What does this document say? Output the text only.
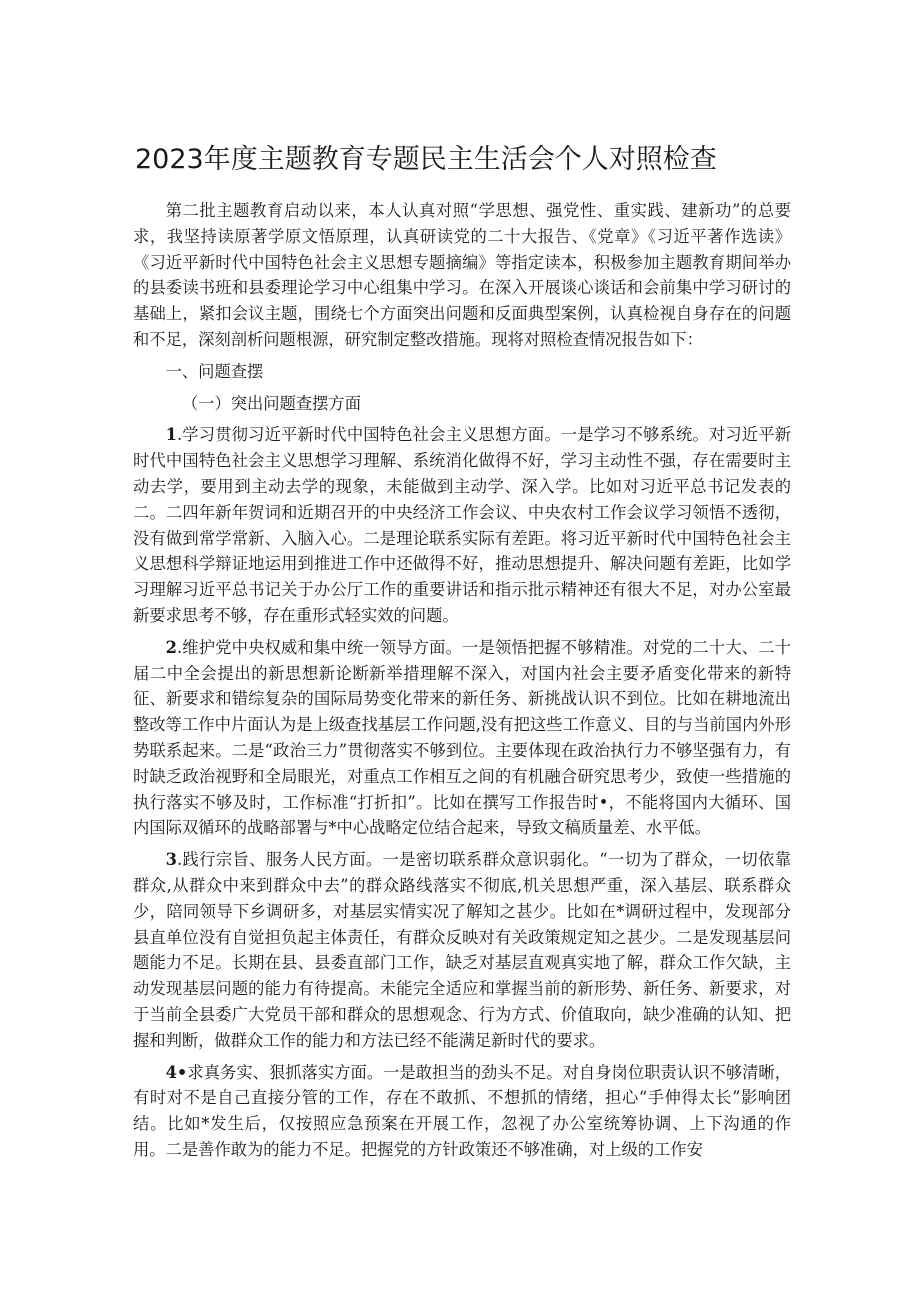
2023年度主题教育专题民主生活会个人对照检查

第二批主题教育启动以来，本人认真对照“学思想、强党性、重实践、建新功”的总要求，我坚持读原著学原文悟原理，认真研读党的二十大报告、《党章》《习近平著作选读》《习近平新时代中国特色社会主义思想专题摘编》等指定读本，积极参加主题教育期间举办的县委读书班和县委理论学习中心组集中学习。在深入开展谈心谈话和会前集中学习研讨的基础上，紧扣会议主题，围绕七个方面突出问题和反面典型案例，认真检视自身存在的问题和不足，深刻剖析问题根源，研究制定整改措施。现将对照检查情况报告如下：

一、问题查摆

（一）突出问题查摆方面

1.学习贯彻习近平新时代中国特色社会主义思想方面。一是学习不够系统。对习近平新时代中国特色社会主义思想学习理解、系统消化做得不好，学习主动性不强，存在需要时主动去学，要用到主动去学的现象，未能做到主动学、深入学。比如对习近平总书记发表的二。二四年新年贺词和近期召开的中央经济工作会议、中央农村工作会议学习领悟不透彻，没有做到常学常新、入脑入心。二是理论联系实际有差距。将习近平新时代中国特色社会主义思想科学辩证地运用到推进工作中还做得不好，推动思想提升、解决问题有差距，比如学习理解习近平总书记关于办公厅工作的重要讲话和指示批示精神还有很大不足，对办公室最新要求思考不够，存在重形式轻实效的问题。

2.维护党中央权威和集中统一领导方面。一是领悟把握不够精准。对党的二十大、二十届二中全会提出的新思想新论断新举措理解不深入，对国内社会主要矛盾变化带来的新特征、新要求和错综复杂的国际局势变化带来的新任务、新挑战认识不到位。比如在耕地流出整改等工作中片面认为是上级查找基层工作问题,没有把这些工作意义、目的与当前国内外形势联系起来。二是“政治三力”贯彻落实不够到位。主要体现在政治执行力不够坚强有力，有时缺乏政治视野和全局眼光，对重点工作相互之间的有机融合研究思考少，致使一些措施的执行落实不够及时，工作标准“打折扣”。比如在撰写工作报告时•，不能将国内大循环、国内国际双循环的战略部署与*中心战略定位结合起来，导致文稿质量差、水平低。

3.践行宗旨、服务人民方面。一是密切联系群众意识弱化。“一切为了群众，一切依靠群众,从群众中来到群众中去”的群众路线落实不彻底,机关思想严重，深入基层、联系群众少，陪同领导下乡调研多，对基层实情实况了解知之甚少。比如在*调研过程中，发现部分县直单位没有自觉担负起主体责任，有群众反映对有关政策规定知之甚少。二是发现基层问题能力不足。长期在县、县委直部门工作，缺乏对基层直观真实地了解，群众工作欠缺，主动发现基层问题的能力有待提高。未能完全适应和掌握当前的新形势、新任务、新要求，对于当前全县委广大党员干部和群众的思想观念、行为方式、价值取向，缺少准确的认知、把握和判断，做群众工作的能力和方法已经不能满足新时代的要求。

4•求真务实、狠抓落实方面。一是敢担当的劲头不足。对自身岗位职责认识不够清晰，有时对不是自己直接分管的工作，存在不敢抓、不想抓的情绪，担心“手伸得太长”影响团结。比如*发生后，仅按照应急预案在开展工作，忽视了办公室统筹协调、上下沟通的作用。二是善作敢为的能力不足。把握党的方针政策还不够准确，对上级的工作安
